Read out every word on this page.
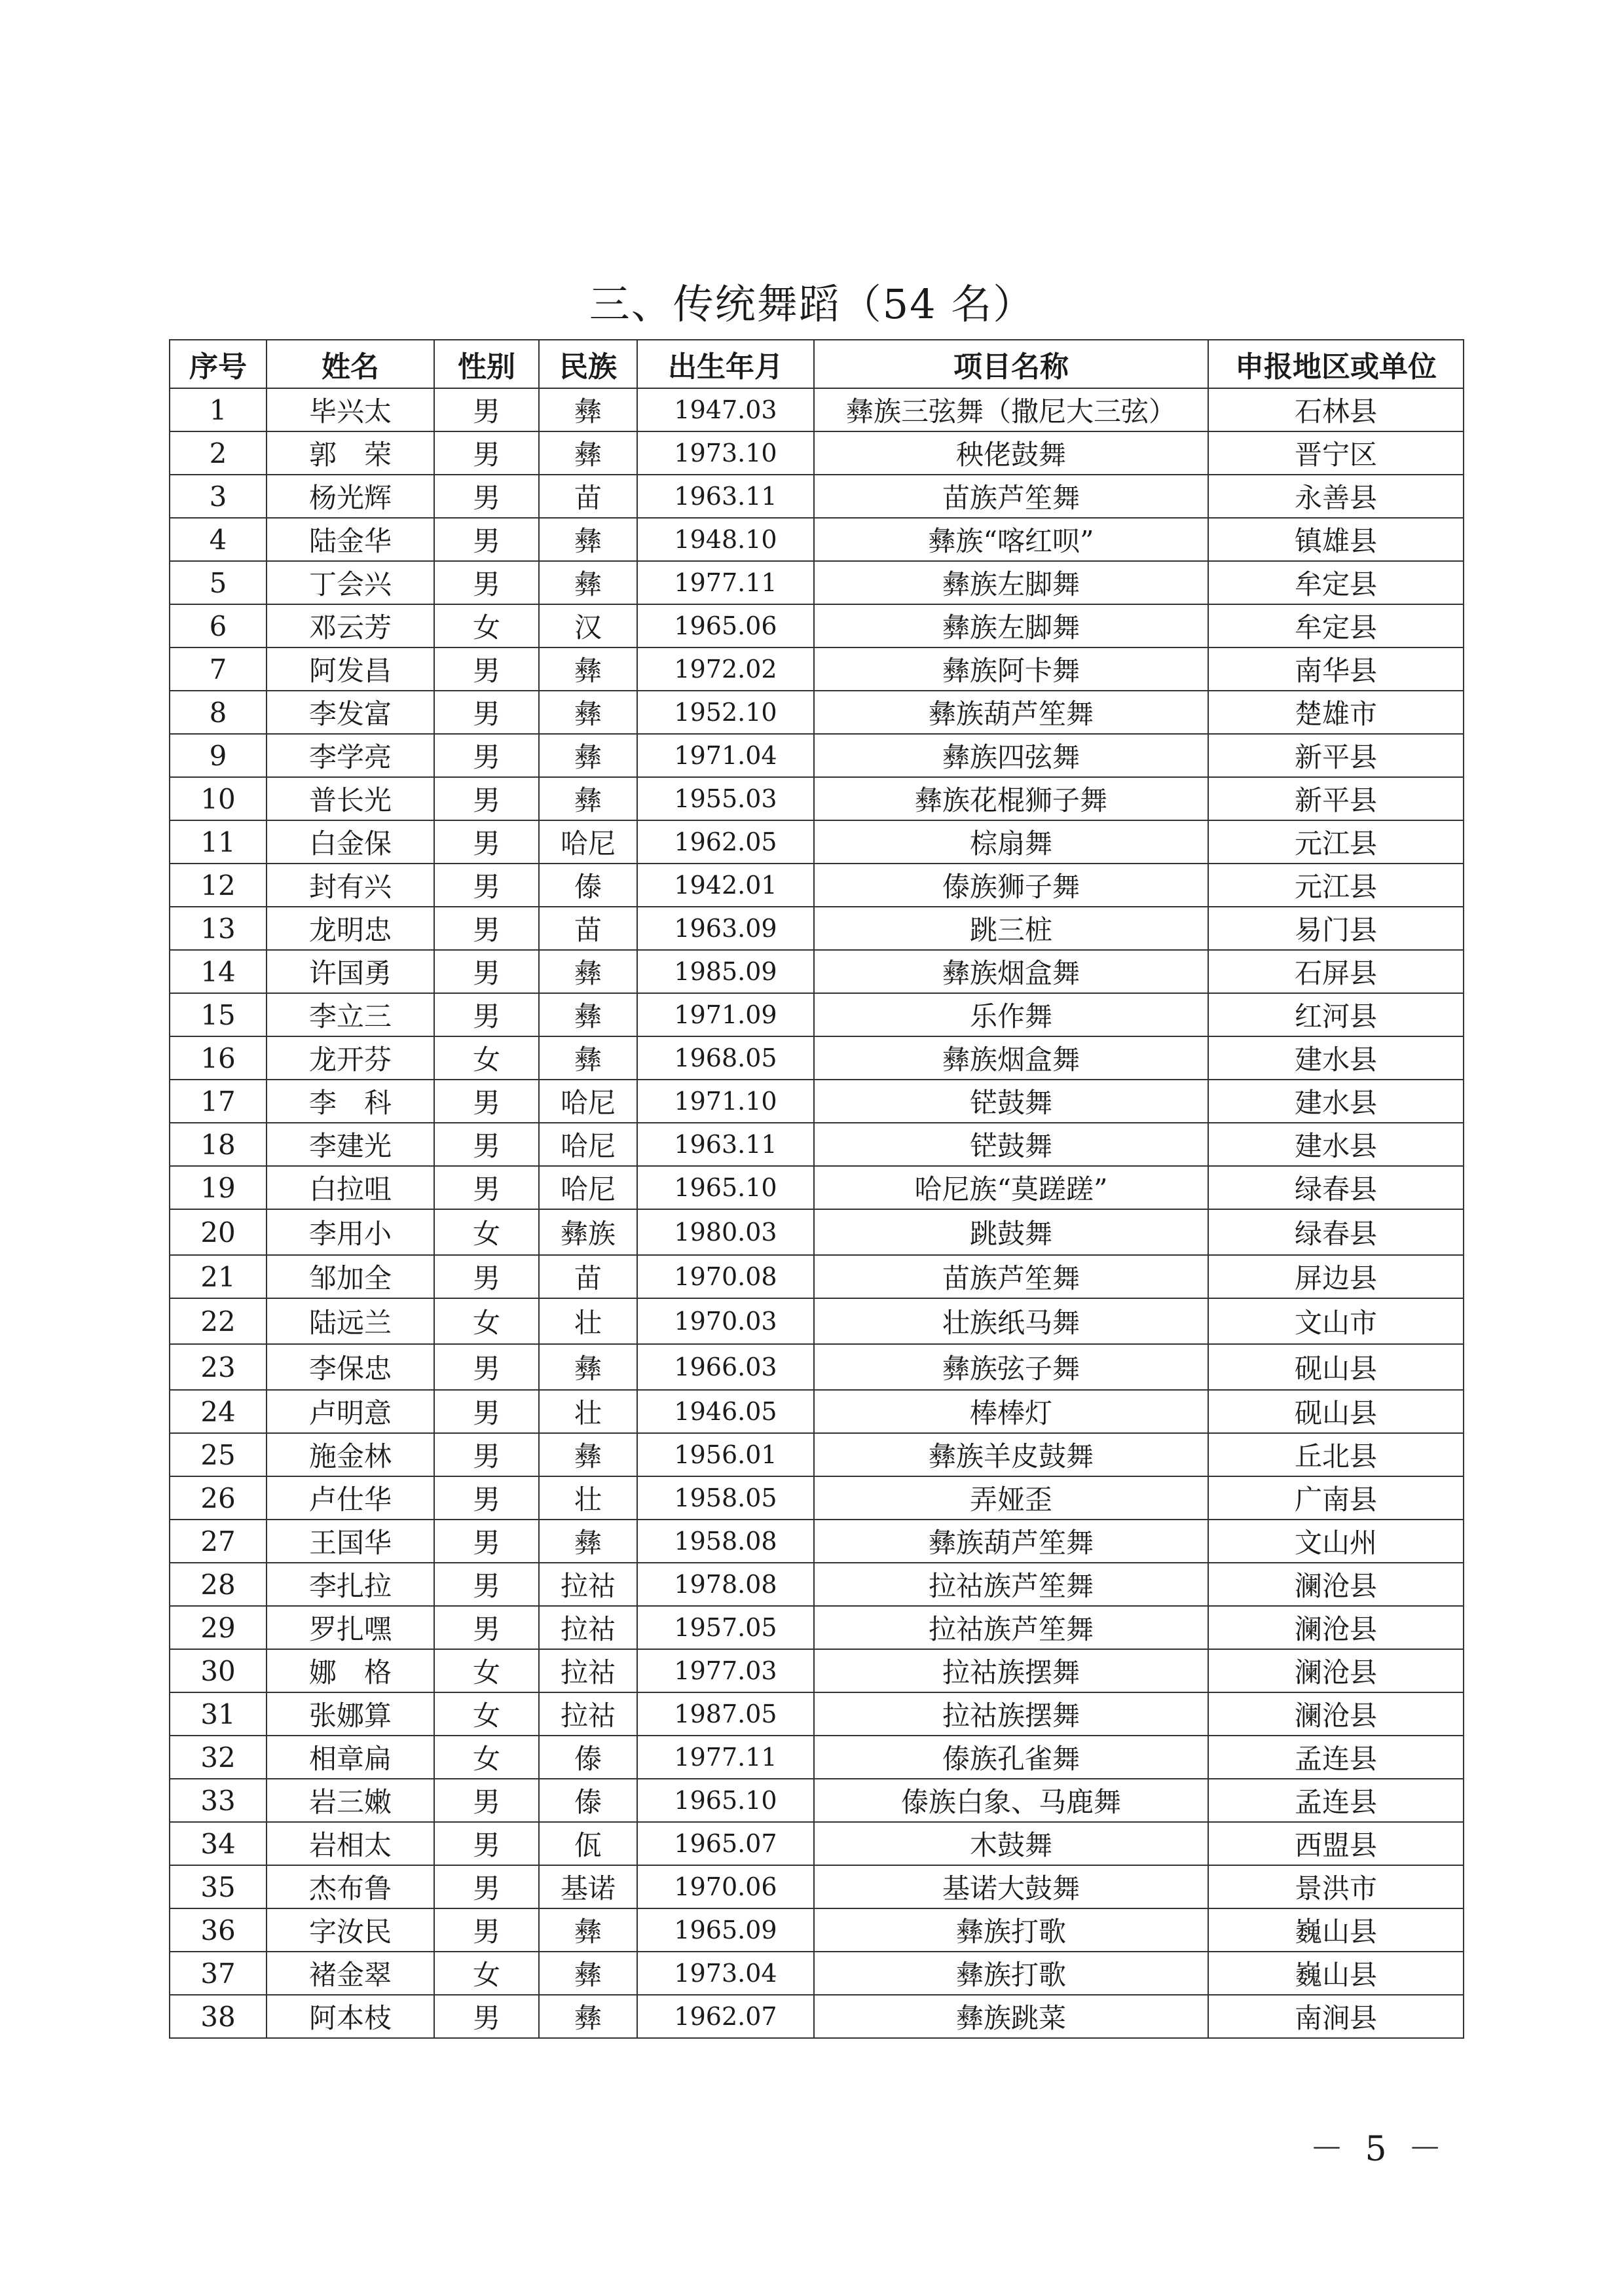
三、传统舞蹈（54 名）
序号	姓名	性别	民族	出生年月	项目名称	申报地区或单位
1	毕兴太	男	彝	1947.03	彝族三弦舞（撒尼大三弦）	石林县
2	郭　荣	男	彝	1973.10	秧佬鼓舞	晋宁区
3	杨光辉	男	苗	1963.11	苗族芦笙舞	永善县
4	陆金华	男	彝	1948.10	彝族“喀红呗”	镇雄县
5	丁会兴	男	彝	1977.11	彝族左脚舞	牟定县
6	邓云芳	女	汉	1965.06	彝族左脚舞	牟定县
7	阿发昌	男	彝	1972.02	彝族阿卡舞	南华县
8	李发富	男	彝	1952.10	彝族葫芦笙舞	楚雄市
9	李学亮	男	彝	1971.04	彝族四弦舞	新平县
10	普长光	男	彝	1955.03	彝族花棍狮子舞	新平县
11	白金保	男	哈尼	1962.05	棕扇舞	元江县
12	封有兴	男	傣	1942.01	傣族狮子舞	元江县
13	龙明忠	男	苗	1963.09	跳三桩	易门县
14	许国勇	男	彝	1985.09	彝族烟盒舞	石屏县
15	李立三	男	彝	1971.09	乐作舞	红河县
16	龙开芬	女	彝	1968.05	彝族烟盒舞	建水县
17	李　科	男	哈尼	1971.10	铓鼓舞	建水县
18	李建光	男	哈尼	1963.11	铓鼓舞	建水县
19	白拉咀	男	哈尼	1965.10	哈尼族“莫蹉蹉”	绿春县
20	李用小	女	彝族	1980.03	跳鼓舞	绿春县
21	邹加全	男	苗	1970.08	苗族芦笙舞	屏边县
22	陆远兰	女	壮	1970.03	壮族纸马舞	文山市
23	李保忠	男	彝	1966.03	彝族弦子舞	砚山县
24	卢明意	男	壮	1946.05	棒棒灯	砚山县
25	施金林	男	彝	1956.01	彝族羊皮鼓舞	丘北县
26	卢仕华	男	壮	1958.05	弄娅歪	广南县
27	王国华	男	彝	1958.08	彝族葫芦笙舞	文山州
28	李扎拉	男	拉祜	1978.08	拉祜族芦笙舞	澜沧县
29	罗扎嘿	男	拉祜	1957.05	拉祜族芦笙舞	澜沧县
30	娜　格	女	拉祜	1977.03	拉祜族摆舞	澜沧县
31	张娜算	女	拉祜	1987.05	拉祜族摆舞	澜沧县
32	相章扁	女	傣	1977.11	傣族孔雀舞	孟连县
33	岩三嫩	男	傣	1965.10	傣族白象、马鹿舞	孟连县
34	岩相太	男	佤	1965.07	木鼓舞	西盟县
35	杰布鲁	男	基诺	1970.06	基诺大鼓舞	景洪市
36	字汝民	男	彝	1965.09	彝族打歌	巍山县
37	褚金翠	女	彝	1973.04	彝族打歌	巍山县
38	阿本枝	男	彝	1962.07	彝族跳菜	南涧县
－ 5 －
